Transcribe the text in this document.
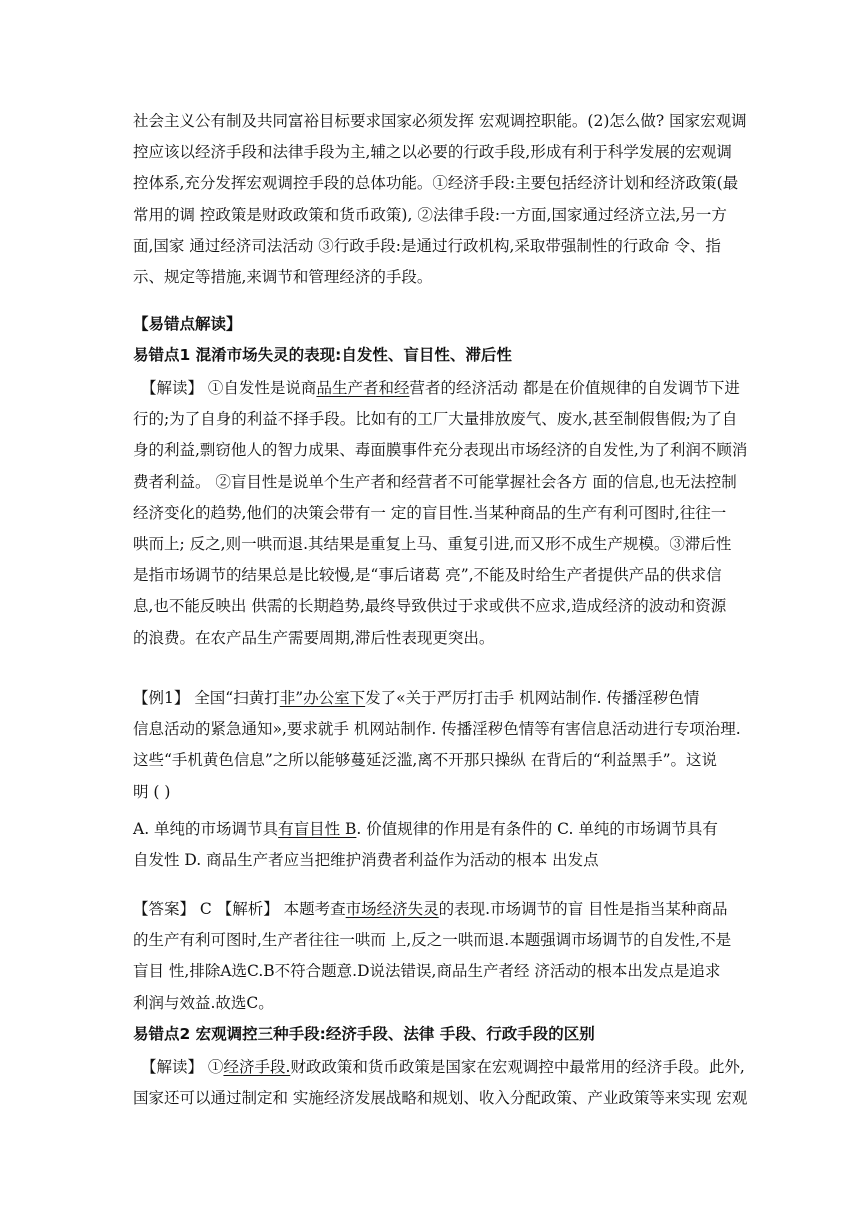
社会主义公有制及共同富裕目标要求国家必须发挥 宏观调控职能。(2)怎么做? 国家宏观调
控应该以经济手段和法律手段为主,辅之以必要的行政手段,形成有利于科学发展的宏观调
控体系,充分发挥宏观调控手段的总体功能。①经济手段:主要包括经济计划和经济政策(最
常用的调 控政策是财政政策和货币政策), ②法律手段:一方面,国家通过经济立法,另一方
面,国家 通过经济司法活动 ③行政手段:是通过行政机构,采取带强制性的行政命 令、指
示、规定等措施,来调节和管理经济的手段。
【易错点解读】
易错点1 混淆市场失灵的表现:自发性、盲目性、滞后性
【解读】 ①自发性是说商品生产者和经营者的经济活动 都是在价值规律的自发调节下进
行的;为了自身的利益不择手段。比如有的工厂大量排放废气、废水,甚至制假售假;为了自
身的利益,剽窃他人的智力成果、毒面膜事件充分表现出市场经济的自发性,为了利润不顾消
费者利益。 ②盲目性是说单个生产者和经营者不可能掌握社会各方 面的信息,也无法控制
经济变化的趋势,他们的决策会带有一 定的盲目性.当某种商品的生产有利可图时,往往一
哄而上; 反之,则一哄而退.其结果是重复上马、重复引进,而又形不成生产规模。③滞后性
是指市场调节的结果总是比较慢,是“事后诸葛 亮”,不能及时给生产者提供产品的供求信
息,也不能反映出 供需的长期趋势,最终导致供过于求或供不应求,造成经济的波动和资源
的浪费。在农产品生产需要周期,滞后性表现更突出。
【例1】 全国“扫黄打非”办公室下发了«关于严厉打击手 机网站制作. 传播淫秽色情
信息活动的紧急通知»,要求就手 机网站制作. 传播淫秽色情等有害信息活动进行专项治理.
这些“手机黄色信息”之所以能够蔓延泛滥,离不开那只操纵 在背后的“利益黑手”。这说
明 ( )
A. 单纯的市场调节具有盲目性 B. 价值规律的作用是有条件的 C. 单纯的市场调节具有
自发性 D. 商品生产者应当把维护消费者利益作为活动的根本 出发点
【答案】 C 【解析】 本题考查市场经济失灵的表现.市场调节的盲 目性是指当某种商品
的生产有利可图时,生产者往往一哄而 上,反之一哄而退.本题强调市场调节的自发性,不是
盲目 性,排除A选C.B不符合题意.D说法错误,商品生产者经 济活动的根本出发点是追求
利润与效益.故选C。
易错点2 宏观调控三种手段:经济手段、法律 手段、行政手段的区别
【解读】 ①经济手段.财政政策和货币政策是国家在宏观调控中最常用的经济手段。此外,
国家还可以通过制定和 实施经济发展战略和规划、收入分配政策、产业政策等来实现 宏观
